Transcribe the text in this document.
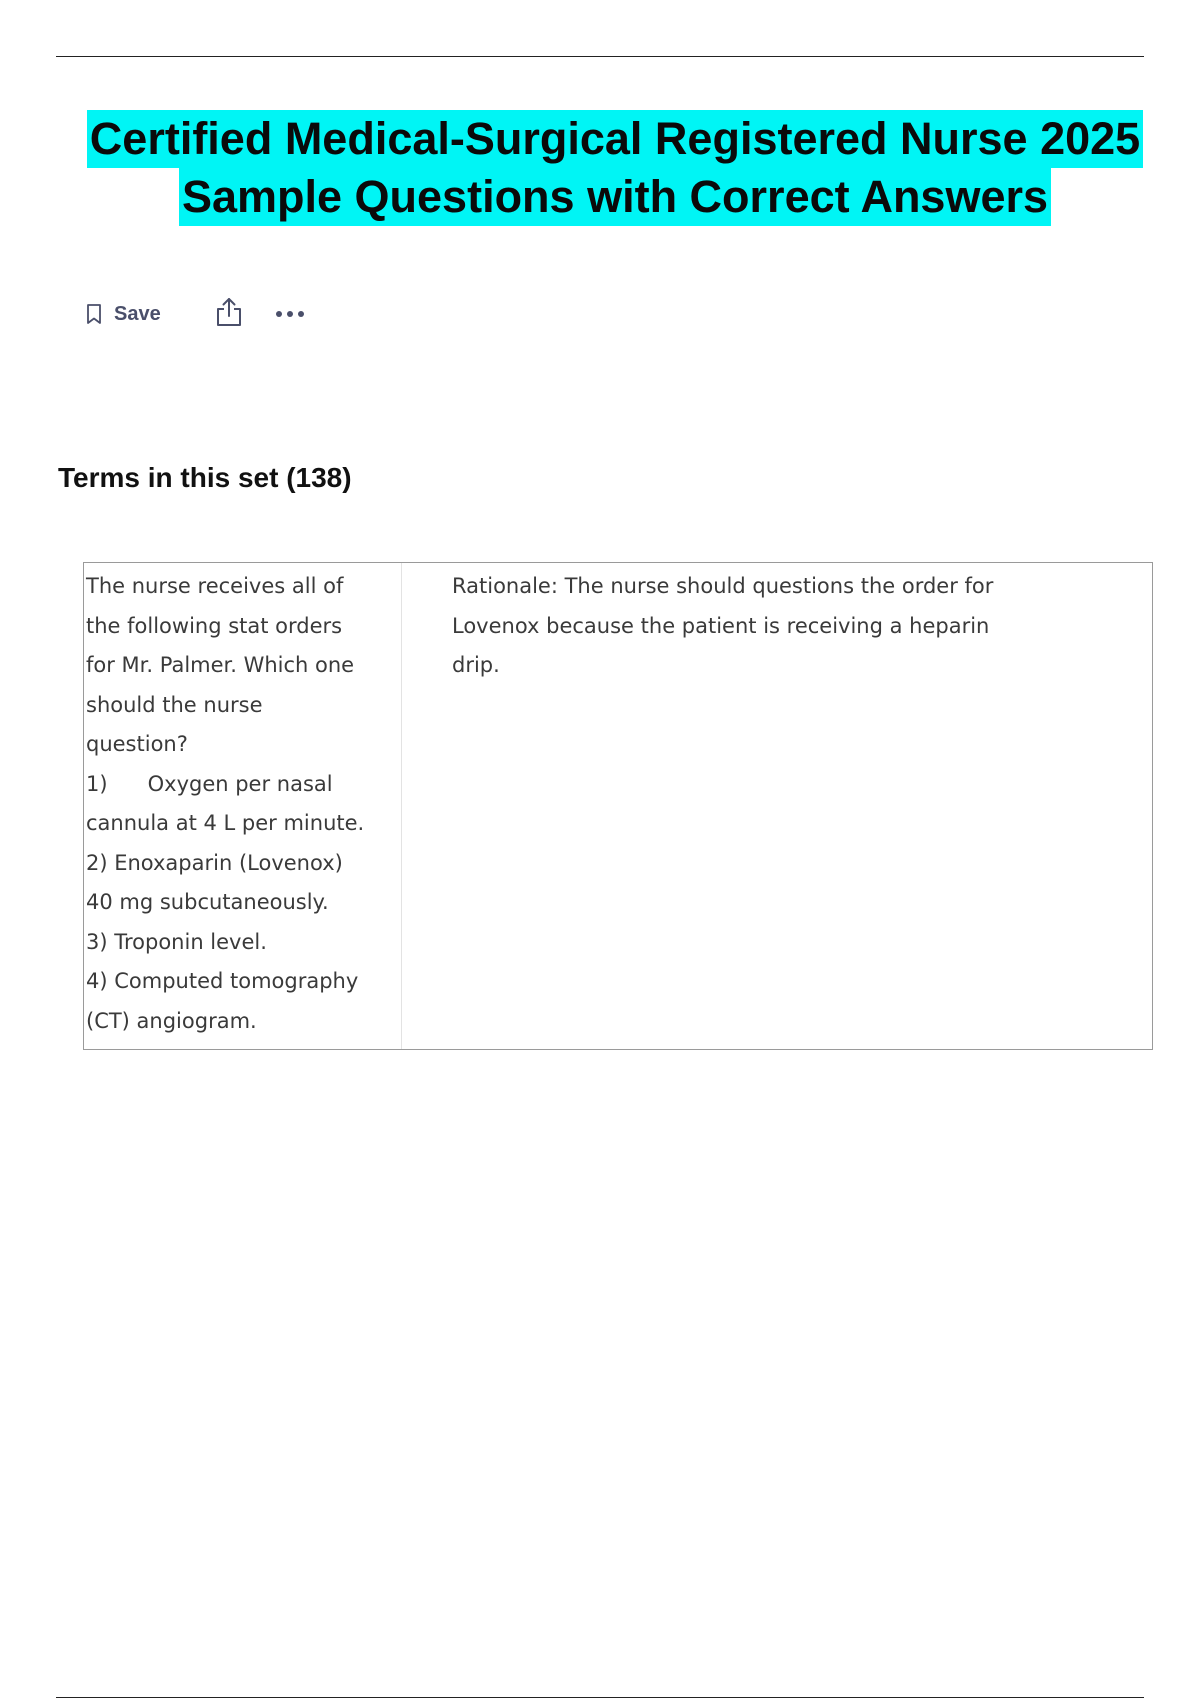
Certified Medical-Surgical Registered Nurse 2025
Sample Questions with Correct Answers
Save
Terms in this set (138)

The nurse receives all of

the following stat orders

for Mr. Palmer. Which one

should the nurse

question?

1)      Oxygen per nasal

cannula at 4 L per minute.

2) Enoxaparin (Lovenox)

40 mg subcutaneously.

3) Troponin level.

4) Computed tomography

(CT) angiogram.

Rationale: The nurse should questions the order for

Lovenox because the patient is receiving a heparin

drip.
